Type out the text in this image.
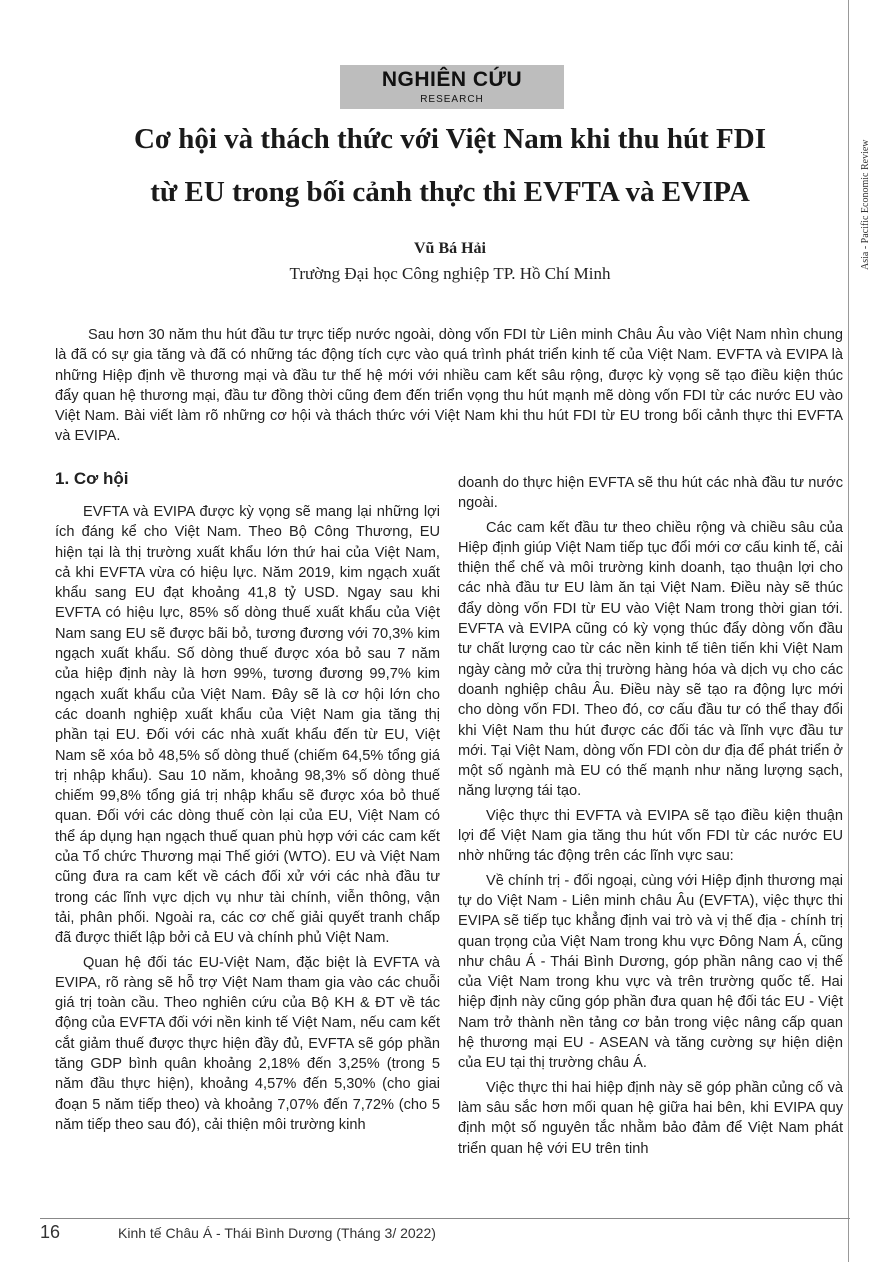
NGHIÊN CỨU
RESEARCH
Asia - Pacific Economic Review
Cơ hội và thách thức với Việt Nam khi thu hút FDI
từ EU trong bối cảnh thực thi EVFTA và EVIPA
Vũ Bá Hải
Trường Đại học Công nghiệp TP. Hồ Chí Minh
Sau hơn 30 năm thu hút đầu tư trực tiếp nước ngoài, dòng vốn FDI từ Liên minh Châu Âu vào Việt Nam nhìn chung là đã có sự gia tăng và đã có những tác động tích cực vào quá trình phát triển kinh tế của Việt Nam. EVFTA và EVIPA là những Hiệp định về thương mại và đầu tư thế hệ mới với nhiều cam kết sâu rộng, được kỳ vọng sẽ tạo điều kiện thúc đẩy quan hệ thương mại, đầu tư đồng thời cũng đem đến triển vọng thu hút mạnh mẽ dòng vốn FDI từ các nước EU vào Việt Nam. Bài viết làm rõ những cơ hội và thách thức với Việt Nam khi thu hút FDI từ EU trong bối cảnh thực thi EVFTA và EVIPA.
1. Cơ hội

EVFTA và EVIPA được kỳ vọng sẽ mang lại những lợi ích đáng kể cho Việt Nam. Theo Bộ Công Thương, EU hiện tại là thị trường xuất khẩu lớn thứ hai của Việt Nam, cả khi EVFTA vừa có hiệu lực. Năm 2019, kim ngạch xuất khẩu sang EU đạt khoảng 41,8 tỷ USD. Ngay sau khi EVFTA có hiệu lực, 85% số dòng thuế xuất khẩu của Việt Nam sang EU sẽ được bãi bỏ, tương đương với 70,3% kim ngạch xuất khẩu. Số dòng thuế được xóa bỏ sau 7 năm của hiệp định này là hơn 99%, tương đương 99,7% kim ngạch xuất khẩu của Việt Nam. Đây sẽ là cơ hội lớn cho các doanh nghiệp xuất khẩu của Việt Nam gia tăng thị phần tại EU. Đối với các nhà xuất khẩu đến từ EU, Việt Nam sẽ xóa bỏ 48,5% số dòng thuế (chiếm 64,5% tổng giá trị nhập khẩu). Sau 10 năm, khoảng 98,3% số dòng thuế chiếm 99,8% tổng giá trị nhập khẩu sẽ được xóa bỏ thuế quan. Đối với các dòng thuế còn lại của EU, Việt Nam có thể áp dụng hạn ngạch thuế quan phù hợp với các cam kết của Tổ chức Thương mại Thế giới (WTO). EU và Việt Nam cũng đưa ra cam kết về cách đối xử với các nhà đầu tư trong các lĩnh vực dịch vụ như tài chính, viễn thông, vận tải, phân phối. Ngoài ra, các cơ chế giải quyết tranh chấp đã được thiết lập bởi cả EU và chính phủ Việt Nam.

Quan hệ đối tác EU-Việt Nam, đặc biệt là EVFTA và EVIPA, rõ ràng sẽ hỗ trợ Việt Nam tham gia vào các chuỗi giá trị toàn cầu. Theo nghiên cứu của Bộ KH & ĐT về tác động của EVFTA đối với nền kinh tế Việt Nam, nếu cam kết cắt giảm thuế được thực hiện đầy đủ, EVFTA sẽ góp phần tăng GDP bình quân khoảng 2,18% đến 3,25% (trong 5 năm đầu thực hiện), khoảng 4,57% đến 5,30% (cho giai đoạn 5 năm tiếp theo) và khoảng 7,07% đến 7,72% (cho 5 năm tiếp theo sau đó), cải thiện môi trường kinh

doanh do thực hiện EVFTA sẽ thu hút các nhà đầu tư nước ngoài.

Các cam kết đầu tư theo chiều rộng và chiều sâu của Hiệp định giúp Việt Nam tiếp tục đổi mới cơ cấu kinh tế, cải thiện thể chế và môi trường kinh doanh, tạo thuận lợi cho các nhà đầu tư EU làm ăn tại Việt Nam. Điều này sẽ thúc đẩy dòng vốn FDI từ EU vào Việt Nam trong thời gian tới. EVFTA và EVIPA cũng có kỳ vọng thúc đẩy dòng vốn đầu tư chất lượng cao từ các nền kinh tế tiên tiến khi Việt Nam ngày càng mở cửa thị trường hàng hóa và dịch vụ cho các doanh nghiệp châu Âu. Điều này sẽ tạo ra động lực mới cho dòng vốn FDI. Theo đó, cơ cấu đầu tư có thể thay đổi khi Việt Nam thu hút được các đối tác và lĩnh vực đầu tư mới. Tại Việt Nam, dòng vốn FDI còn dư địa để phát triển ở một số ngành mà EU có thế mạnh như năng lượng sạch, năng lượng tái tạo.

Việc thực thi EVFTA và EVIPA sẽ tạo điều kiện thuận lợi để Việt Nam gia tăng thu hút vốn FDI từ các nước EU nhờ những tác động trên các lĩnh vực sau:

Về chính trị - đối ngoại, cùng với Hiệp định thương mại tự do Việt Nam - Liên minh châu Âu (EVFTA), việc thực thi EVIPA sẽ tiếp tục khẳng định vai trò và vị thế địa - chính trị quan trọng của Việt Nam trong khu vực Đông Nam Á, cũng như châu Á - Thái Bình Dương, góp phần nâng cao vị thế của Việt Nam trong khu vực và trên trường quốc tế. Hai hiệp định này cũng góp phần đưa quan hệ đối tác EU - Việt Nam trở thành nền tảng cơ bản trong việc nâng cấp quan hệ thương mại EU - ASEAN và tăng cường sự hiện diện của EU tại thị trường châu Á.

Việc thực thi hai hiệp định này sẽ góp phần củng cố và làm sâu sắc hơn mối quan hệ giữa hai bên, khi EVIPA quy định một số nguyên tắc nhằm bảo đảm để Việt Nam phát triển quan hệ với EU trên tinh

16	Kinh tế Châu Á - Thái Bình Dương (Tháng 3/ 2022)
